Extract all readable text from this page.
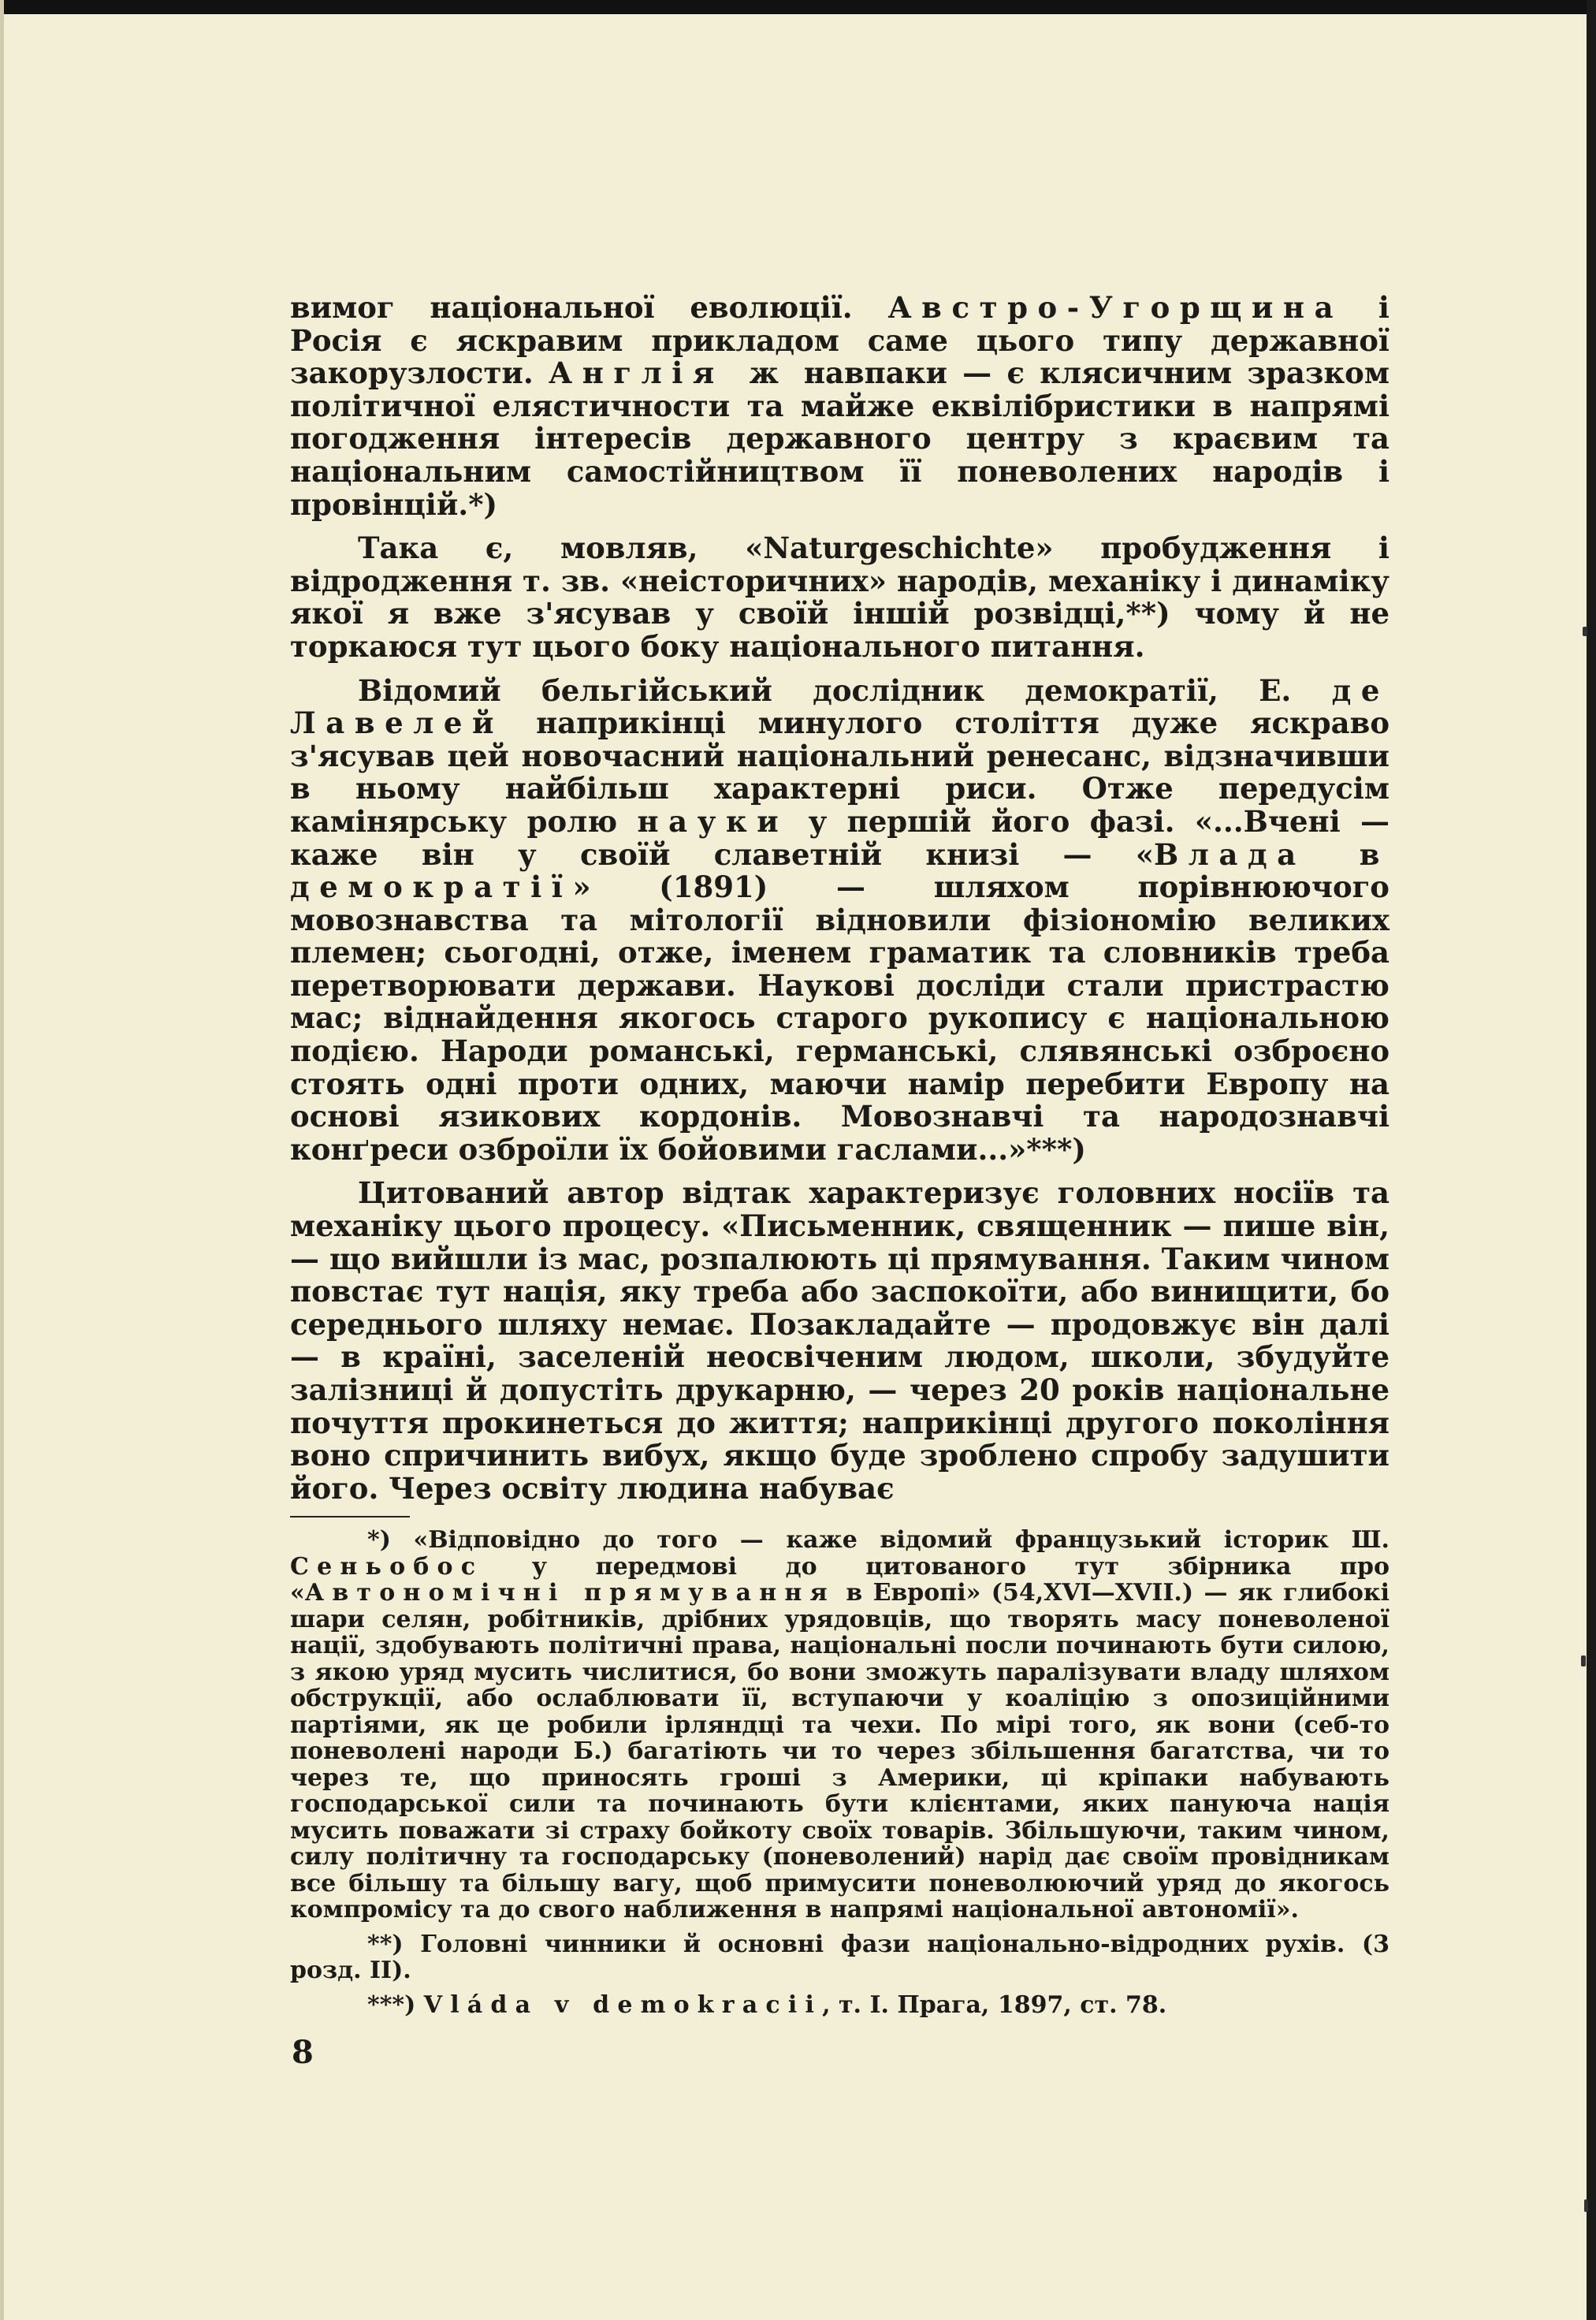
вимог національної еволюції. Австро-Угорщина і Росія є яскравим прикладом саме цього типу державної закорузлости. Англія ж навпаки — є клясичним зразком політичної елястичности та майже еквілібристики в напрямі погодження інтересів державного центру з краєвим та національним самостійництвом її поневолених народів і провінцій.*)

Така є, мовляв, «Naturgeschichte» пробудження і відродження т. зв. «неісторичних» народів, механіку і динаміку якої я вже з'ясував у своїй іншій розвідці,**) чому й не торкаюся тут цього боку національного питання.

Відомий бельгійський дослідник демократії, Е. де Лавелей наприкінці минулого століття дуже яскраво з'ясував цей новочасний національний ренесанс, відзначивши в ньому найбільш характерні риси. Отже передусім камінярську ролю науки у першій його фазі. «...Вчені — каже він у своїй славетній книзі — «Влада в демократії» (1891) — шляхом порівнюючого мовознавства та мітології відновили фізіономію великих племен; сьогодні, отже, іменем граматик та словників треба перетворювати держави. Наукові досліди стали пристрастю мас; віднайдення якогось старого рукопису є національною подією. Народи романські, германські, слявянські озброєно стоять одні проти одних, маючи намір перебити Европу на основі язикових кордонів. Мовознавчі та народознавчі конґреси озброїли їх бойовими гаслами...»***)

Цитований автор відтак характеризує головних носіїв та механіку цього процесу. «Письменник, священник — пише він, — що вийшли із мас, розпалюють ці прямування. Таким чином повстає тут нація, яку треба або заспокоїти, або винищити, бо середнього шляху немає. Позакладайте — продовжує він далі — в країні, заселеній неосвіченим людом, школи, збудуйте залізниці й допустіть друкарню, — через 20 років національне почуття прокинеться до життя; наприкінці другого покоління воно спричинить вибух, якщо буде зроблено спробу задушити його. Через освіту людина набуває

*) «Відповідно до того — каже відомий французький історик Ш. Сеньобос у передмові до цитованого тут збірника про «Автономічні прямування в Европі» (54,XVI—XVII.) — як глибокі шари селян, робітників, дрібних урядовців, що творять масу поневоленої нації, здобувають політичні права, національні посли починають бути силою, з якою уряд мусить числитися, бо вони зможуть паралізувати владу шляхом обструкції, або ослаблювати її, вступаючи у коаліцію з опозиційними партіями, як це робили ірляндці та чехи. По мірі того, як вони (себ-то поневолені народи Б.) багатіють чи то через збільшення багатства, чи то через те, що приносять гроші з Америки, ці кріпаки набувають господарської сили та починають бути клієнтами, яких пануюча нація мусить поважати зі страху бойкоту своїх товарів. Збільшуючи, таким чином, силу політичну та господарську (поневолений) нарід дає своїм провідникам все більшу та більшу вагу, щоб примусити поневолюючий уряд до якогось компромісу та до свого наближення в напрямі національної автономії».

**) Головні чинники й основні фази національно-відродних рухів. (3 розд. II).

***) Vláda v demokracii, т. I. Прага, 1897, ст. 78.

8
